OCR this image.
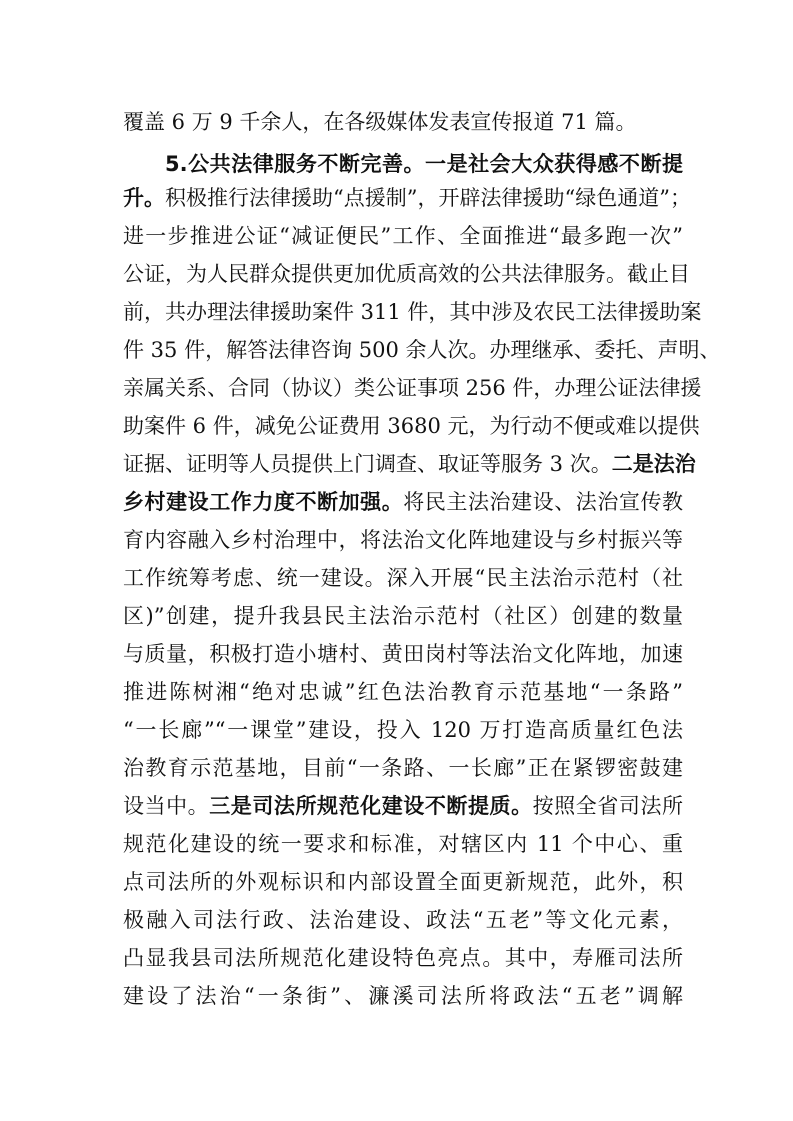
覆盖 6 万 9 千余人，在各级媒体发表宣传报道 71 篇。
5.公共法律服务不断完善。一是社会大众获得感不断提
升。积极推行法律援助“点援制”，开辟法律援助“绿色通道”；
进一步推进公证“减证便民”工作、全面推进“最多跑一次”
公证，为人民群众提供更加优质高效的公共法律服务。截止目
前，共办理法律援助案件 311 件，其中涉及农民工法律援助案
件 35 件，解答法律咨询 500 余人次。办理继承、委托、声明、
亲属关系、合同（协议）类公证事项 256 件，办理公证法律援
助案件 6 件，减免公证费用 3680 元，为行动不便或难以提供
证据、证明等人员提供上门调查、取证等服务 3 次。二是法治
乡村建设工作力度不断加强。将民主法治建设、法治宣传教
育内容融入乡村治理中，将法治文化阵地建设与乡村振兴等
工作统筹考虑、统一建设。深入开展“民主法治示范村（社
区)”创建，提升我县民主法治示范村（社区）创建的数量
与质量，积极打造小塘村、黄田岗村等法治文化阵地，加速
推进陈树湘“绝对忠诚”红色法治教育示范基地“一条路”
“一长廊”“一课堂”建设，投入 120 万打造高质量红色法
治教育示范基地，目前“一条路、一长廊”正在紧锣密鼓建
设当中。三是司法所规范化建设不断提质。按照全省司法所
规范化建设的统一要求和标准，对辖区内 11 个中心、重
点司法所的外观标识和内部设置全面更新规范，此外，积
极融入司法行政、法治建设、政法“五老”等文化元素，
凸显我县司法所规范化建设特色亮点。其中，寿雁司法所
建设了法治“一条街”、濂溪司法所将政法“五老”调解
